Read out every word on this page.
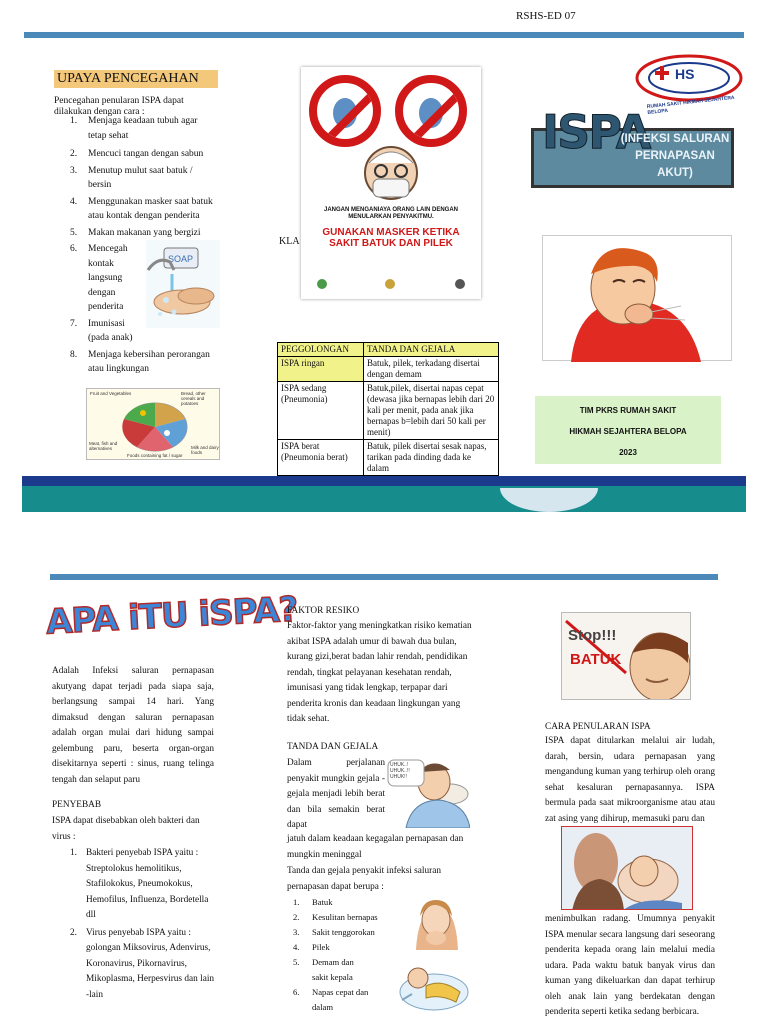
RSHS-ED 07
UPAYA PENCEGAHAN
Pencegahan penularan ISPA dapat dilakukan dengan cara :
1. Menjaga keadaan tubuh agar tetap sehat
2. Mencuci tangan dengan sabun
3. Menutup mulut saat batuk / bersin
4. Menggunakan masker saat batuk atau kontak dengan penderita
5. Makan makanan yang bergizi
6. Mencegah kontak langsung dengan penderita
7. Imunisasi (pada anak)
8. Menjaga kebersihan perorangan atau lingkungan
SOAP
Fruit and Vegetables	Bread, other cereals and potatoes
Meat, fish and alternatives	Milk and dairy foods
Foods containing fat / sugar
JANGAN MENGANIAYA ORANG LAIN DENGAN MENULARKAN PENYAKITMU.
GUNAKAN MASKER KETIKA SAKIT BATUK DAN PILEK
KLA
PEGGOLONGAN	TANDA DAN GEJALA
ISPA ringan	Batuk, pilek, terkadang disertai dengan demam
ISPA sedang (Pneumonia)	Batuk,pilek, disertai napas cepat (dewasa jika bernapas lebih dari 20 kali per menit, pada anak jika bernapas b=lebih dari 50 kali per menit)
ISPA berat (Pneumonia berat)	Batuk, pilek disertai sesak napas, tarikan pada dinding dada ke dalam
HS
RUMAH SAKIT HIKMAH SEJAHTERA BELOPA
ISPA
(INFEKSI SALURAN PERNAPASAN AKUT)
TIM PKRS RUMAH SAKIT
HIKMAH SEJAHTERA BELOPA
2023
APA iTU iSPA?
Adalah Infeksi saluran pernapasan akutyang dapat terjadi pada siapa saja, berlangsung sampai 14 hari. Yang dimaksud dengan saluran pernapasan adalah organ mulai dari hidung sampai gelembung paru, beserta organ-organ disekitarnya seperti : sinus, ruang telinga tengah dan selaput paru
PENYEBAB
ISPA dapat disebabkan oleh bakteri dan virus :
1. Bakteri penyebab ISPA yaitu : Streptolokus hemolitikus, Stafilokokus, Pneumokokus, Hemofilus, Influenza, Bordetella dll
2. Virus penyebab ISPA yaitu : golongan Miksovirus, Adenvirus, Koronavirus, Pikornavirus, Mikoplasma, Herpesvirus dan lain -lain
FAKTOR RESIKO
Faktor-faktor yang meningkatkan risiko kematian akibat ISPA adalah umur di bawah dua bulan, kurang gizi,berat badan lahir rendah, pendidikan rendah, tingkat pelayanan kesehatan rendah, imunisasi yang tidak lengkap, terpapar dari penderita kronis dan keadaan lingkungan yang tidak sehat.
TANDA DAN GEJALA
Dalam perjalanan penyakit mungkin gejala - gejala menjadi lebih berat dan bila semakin berat dapat
UHUK..! UHUK..!! UHUK!!
jatuh dalam keadaan kegagalan pernapasan dan mungkin meninggal
Tanda dan gejala penyakit infeksi saluran pernapasan dapat berupa :
1. Batuk
2. Kesulitan bernapas
3. Sakit tenggorokan
4. Pilek
5. Demam dan sakit kepala
6. Napas cepat dan dalam
Stop!!!
BATUK
CARA PENULARAN ISPA
ISPA dapat ditularkan melalui air ludah, darah, bersin, udara pernapasan yang mengandung kuman yang terhirup oleh orang sehat kesaluran pernapasannya. ISPA bermula pada saat mikroorganisme atau atau zat asing yang dihirup, memasuki paru dan
menimbulkan radang. Umumnya penyakit ISPA menular secara langsung dari seseorang penderita kepada orang lain melalui media udara. Pada waktu batuk banyak virus dan kuman yang dikeluarkan dan dapat terhirup oleh anak lain yang berdekatan dengan penderita seperti ketika sedang berbicara.
